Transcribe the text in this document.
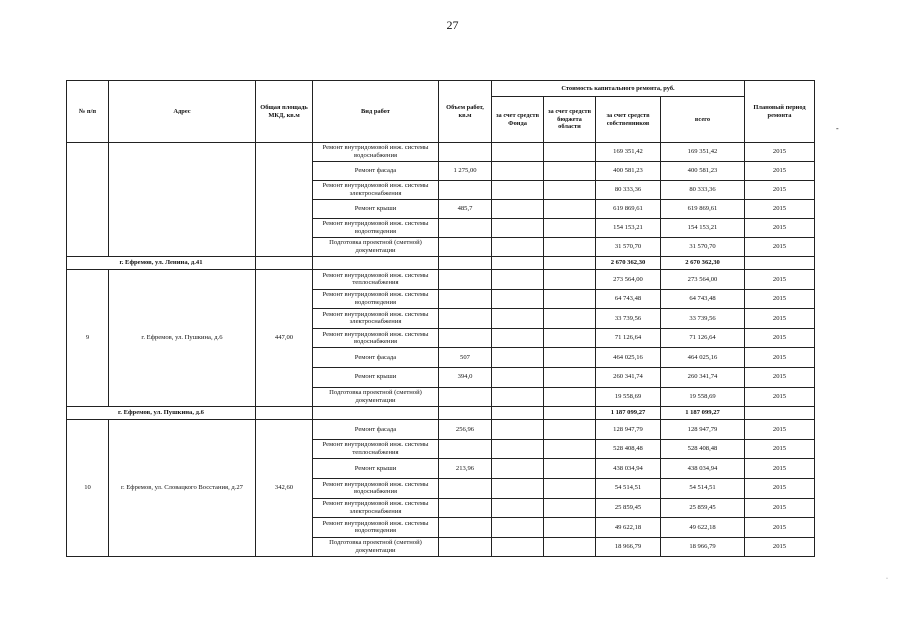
27
-
·
№ п/п	Адрес	Общая площадь МКД, кв.м	Вид работ	Объем работ, кв.м	Стоимость капитального ремонта, руб.				Плановый период ремонта
					за счет средств Фонда	за счет средств бюджета области	за счет средств собственников	всего	
			Ремонт внутридомовой инж. системы водоснабжения				169 351,42	169 351,42	2015
			Ремонт фасада	1 275,00			400 581,23	400 581,23	2015
			Ремонт внутридомовой инж. системы электроснабжения				80 333,36	80 333,36	2015
			Ремонт крыши	485,7			619 869,61	619 869,61	2015
			Ремонт внутридомовой инж. системы водоотведения				154 153,21	154 153,21	2015
			Подготовка проектной (сметной) документации				31 570,70	31 570,70	2015
г. Ефремов, ул. Ленина, д.41							2 670 362,30	2 670 362,30	
9	г. Ефремов, ул. Пушкина, д.6	447,00	Ремонт внутридомовой инж. системы теплоснабжения				273 564,00	273 564,00	2015
			Ремонт внутридомовой инж. системы водоотведения				64 743,48	64 743,48	2015
			Ремонт внутридомовой инж. системы электроснабжения				33 739,56	33 739,56	2015
			Ремонт внутридомовой инж. системы водоснабжения				71 126,64	71 126,64	2015
			Ремонт фасада	507			464 025,16	464 025,16	2015
			Ремонт крыши	394,0			260 341,74	260 341,74	2015
			Подготовка проектной (сметной) документации				19 558,69	19 558,69	2015
г. Ефремов, ул. Пушкина, д.6							1 187 099,27	1 187 099,27	
10	г. Ефремов, ул. Словацкого Восстания, д.27	342,60	Ремонт фасада	256,96			128 947,79	128 947,79	2015
			Ремонт внутридомовой инж. системы теплоснабжения				528 408,48	528 408,48	2015
			Ремонт крыши	213,96			438 034,94	438 034,94	2015
			Ремонт внутридомовой инж. системы водоснабжения				54 514,51	54 514,51	2015
			Ремонт внутридомовой инж. системы электроснабжения				25 859,45	25 859,45	2015
			Ремонт внутридомовой инж. системы водоотведения				49 622,18	49 622,18	2015
			Подготовка проектной (сметной) документации				18 966,79	18 966,79	2015
